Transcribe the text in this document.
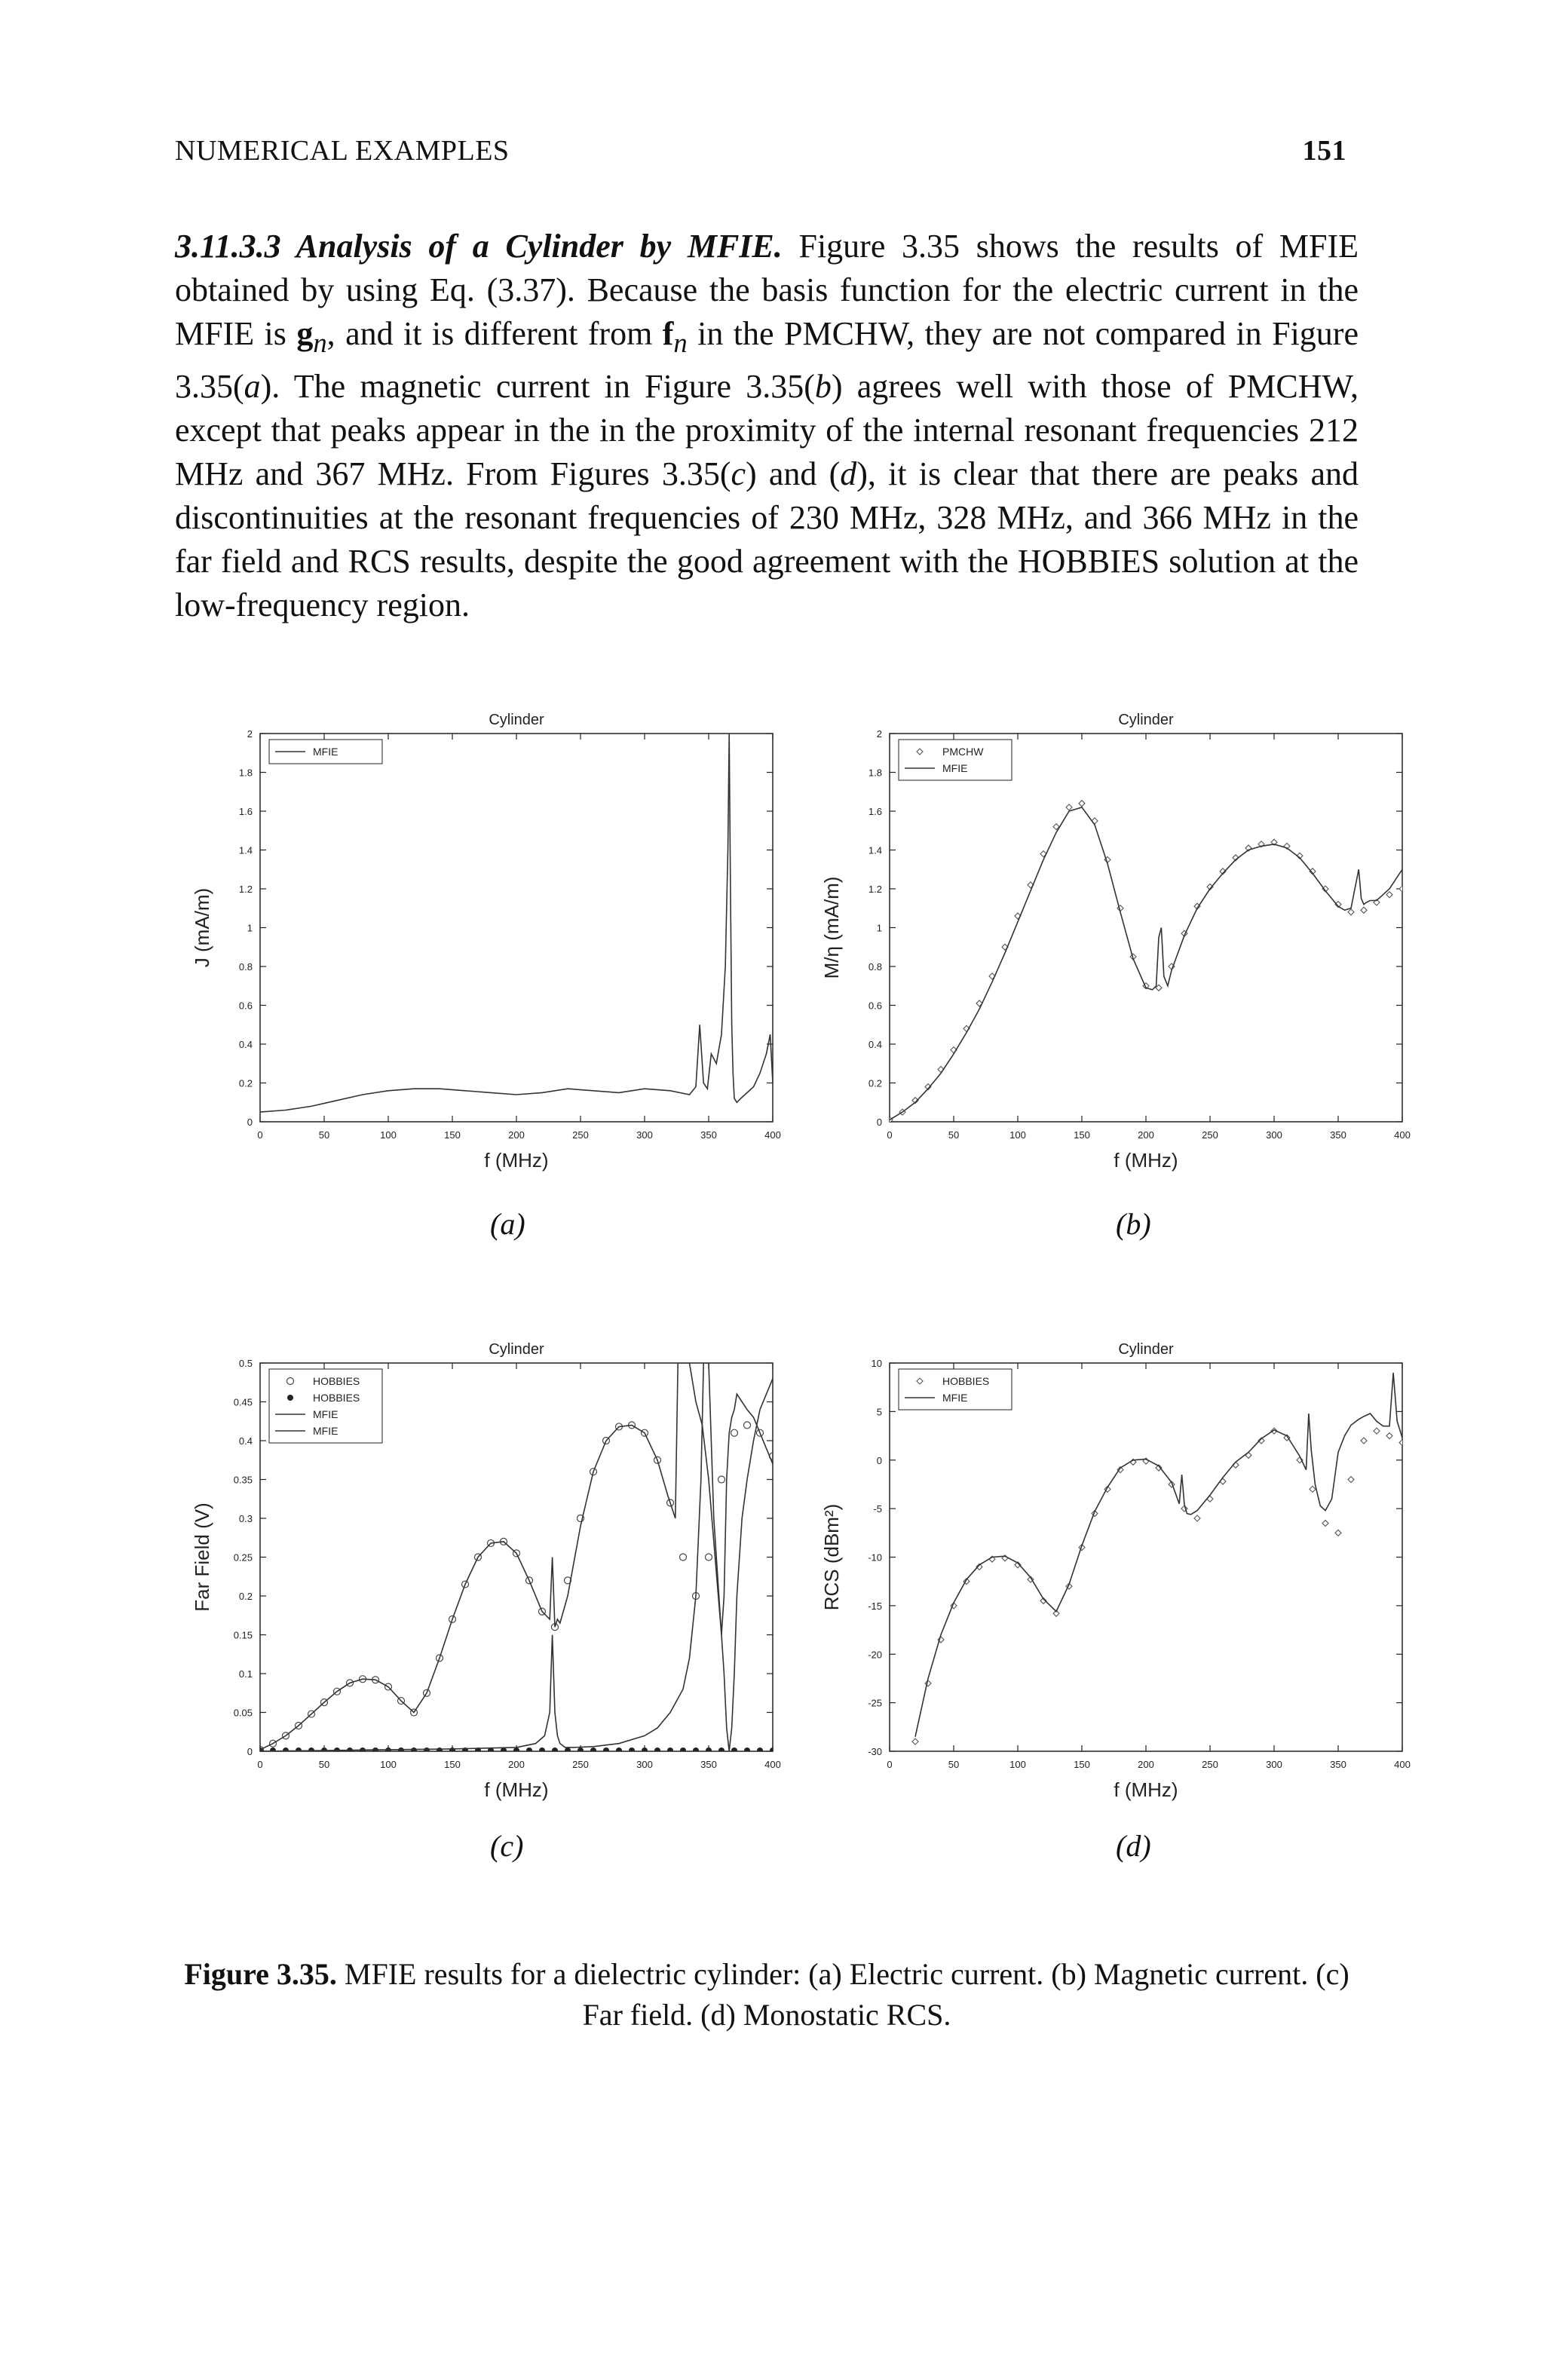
NUMERICAL EXAMPLES	151

3.11.3.3 Analysis of a Cylinder by MFIE. Figure 3.35 shows the results of MFIE obtained by using Eq. (3.37). Because the basis function for the electric current in the MFIE is $g_n$, and it is different from $f_n$ in the PMCHW, they are not compared in Figure 3.35(a). The magnetic current in Figure 3.35(b) agrees well with those of PMCHW, except that peaks appear in the in the proximity of the internal resonant frequencies 212 MHz and 367 MHz. From Figures 3.35(c) and (d), it is clear that there are peaks and discontinuities at the resonant frequencies of 230 MHz, 328 MHz, and 366 MHz in the far field and RCS results, despite the good agreement with the HOBBIES solution at the low-frequency region.

0	50	100	150	200	250	300	350	400
0
0.2
0.4
0.6
0.8
1
1.2
1.4
1.6
1.8
2
Cylinder
f (MHz)
J (mA/m)
MFIE
0	50	100	150	200	250	300	350	400
0
0.2
0.4
0.6
0.8
1
1.2
1.4
1.6
1.8
2
Cylinder
f (MHz)
M/η (mA/m)
PMCHW
MFIE
0	50	100	150	200	250	300	350	400
0
0.05
0.1
0.15
0.2
0.25
0.3
0.35
0.4
0.45
0.5
Cylinder
f (MHz)
Far Field (V)
HOBBIES
HOBBIES
MFIE
MFIE
0	50	100	150	200	250	300	350	400
-30
-25
-20
-15
-10
-5
0
5
10
Cylinder
f (MHz)
RCS (dBm²)
HOBBIES
MFIE
(a)	(b)
(c)	(d)
Figure 3.35. MFIE results for a dielectric cylinder: (a) Electric current. (b) Magnetic current. (c) Far field. (d) Monostatic RCS.
